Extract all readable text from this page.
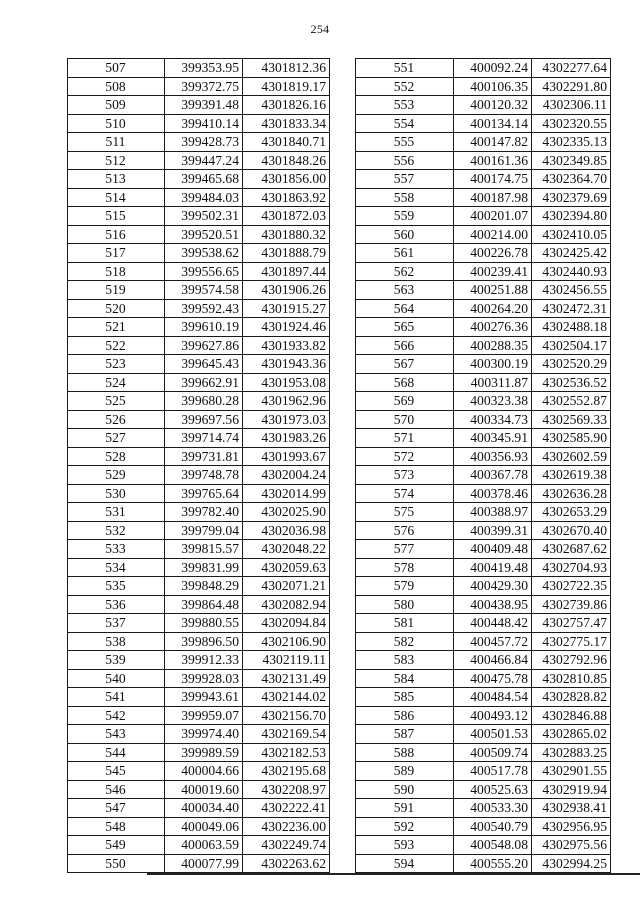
254
507	399353.95	4301812.36
508	399372.75	4301819.17
509	399391.48	4301826.16
510	399410.14	4301833.34
511	399428.73	4301840.71
512	399447.24	4301848.26
513	399465.68	4301856.00
514	399484.03	4301863.92
515	399502.31	4301872.03
516	399520.51	4301880.32
517	399538.62	4301888.79
518	399556.65	4301897.44
519	399574.58	4301906.26
520	399592.43	4301915.27
521	399610.19	4301924.46
522	399627.86	4301933.82
523	399645.43	4301943.36
524	399662.91	4301953.08
525	399680.28	4301962.96
526	399697.56	4301973.03
527	399714.74	4301983.26
528	399731.81	4301993.67
529	399748.78	4302004.24
530	399765.64	4302014.99
531	399782.40	4302025.90
532	399799.04	4302036.98
533	399815.57	4302048.22
534	399831.99	4302059.63
535	399848.29	4302071.21
536	399864.48	4302082.94
537	399880.55	4302094.84
538	399896.50	4302106.90
539	399912.33	4302119.11
540	399928.03	4302131.49
541	399943.61	4302144.02
542	399959.07	4302156.70
543	399974.40	4302169.54
544	399989.59	4302182.53
545	400004.66	4302195.68
546	400019.60	4302208.97
547	400034.40	4302222.41
548	400049.06	4302236.00
549	400063.59	4302249.74
550	400077.99	4302263.62
551	400092.24	4302277.64
552	400106.35	4302291.80
553	400120.32	4302306.11
554	400134.14	4302320.55
555	400147.82	4302335.13
556	400161.36	4302349.85
557	400174.75	4302364.70
558	400187.98	4302379.69
559	400201.07	4302394.80
560	400214.00	4302410.05
561	400226.78	4302425.42
562	400239.41	4302440.93
563	400251.88	4302456.55
564	400264.20	4302472.31
565	400276.36	4302488.18
566	400288.35	4302504.17
567	400300.19	4302520.29
568	400311.87	4302536.52
569	400323.38	4302552.87
570	400334.73	4302569.33
571	400345.91	4302585.90
572	400356.93	4302602.59
573	400367.78	4302619.38
574	400378.46	4302636.28
575	400388.97	4302653.29
576	400399.31	4302670.40
577	400409.48	4302687.62
578	400419.48	4302704.93
579	400429.30	4302722.35
580	400438.95	4302739.86
581	400448.42	4302757.47
582	400457.72	4302775.17
583	400466.84	4302792.96
584	400475.78	4302810.85
585	400484.54	4302828.82
586	400493.12	4302846.88
587	400501.53	4302865.02
588	400509.74	4302883.25
589	400517.78	4302901.55
590	400525.63	4302919.94
591	400533.30	4302938.41
592	400540.79	4302956.95
593	400548.08	4302975.56
594	400555.20	4302994.25
